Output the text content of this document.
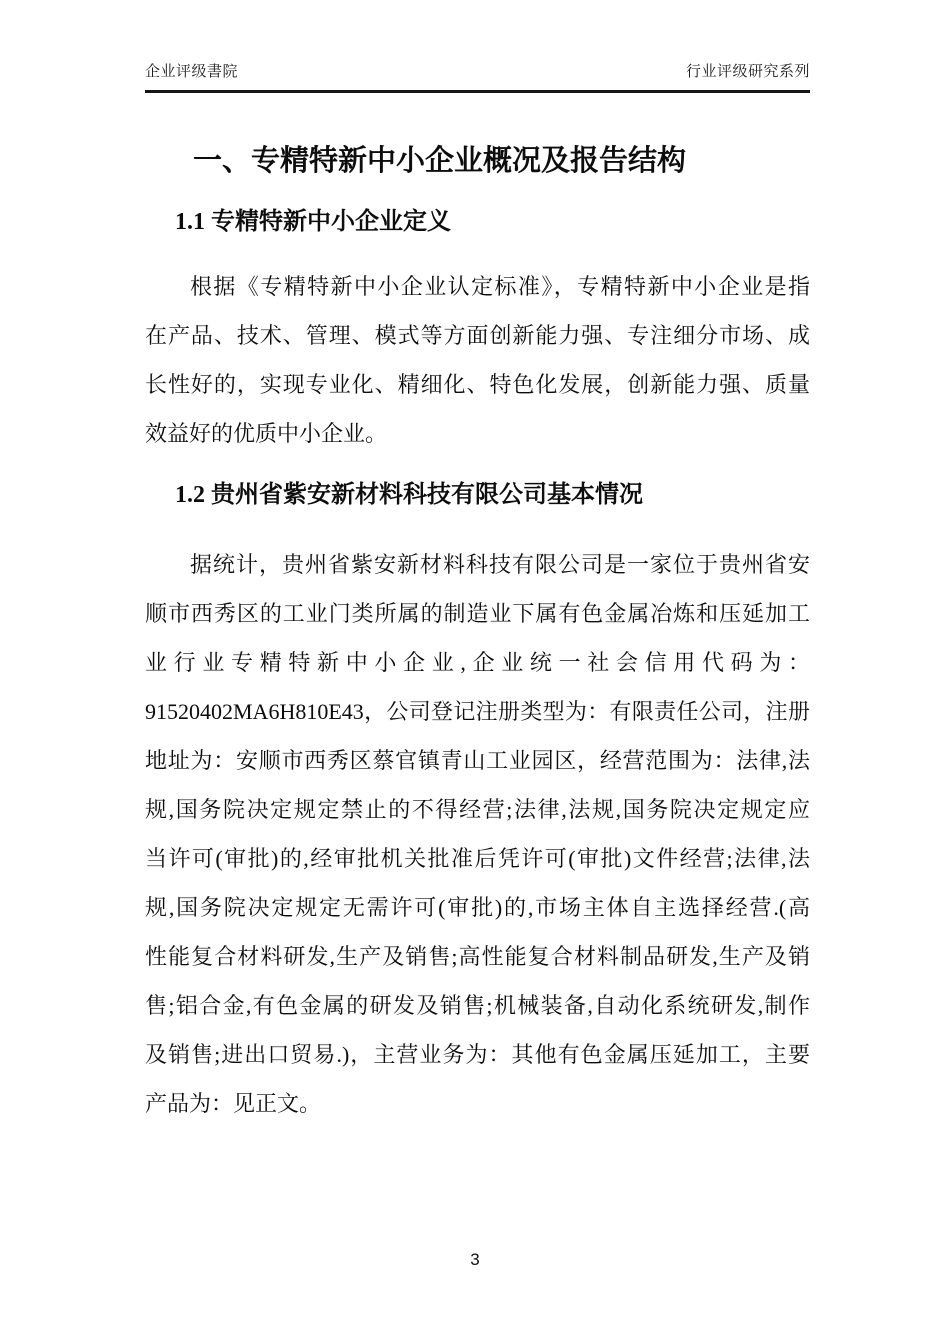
企业评级書院	行业评级研究系列
一、专精特新中小企业概况及报告结构
1.1 专精特新中小企业定义
根据《专精特新中小企业认定标准》，专精特新中小企业是指
在产品、技术、管理、模式等方面创新能力强、专注细分市场、成
长性好的，实现专业化、精细化、特色化发展，创新能力强、质量
效益好的优质中小企业。
1.2 贵州省紫安新材料科技有限公司基本情况
据统计，贵州省紫安新材料科技有限公司是一家位于贵州省安
顺市西秀区的工业门类所属的制造业下属有色金属冶炼和压延加工
业行业专精特新中小企业,企业统一社会信用代码为：
91520402MA6H810E43，公司登记注册类型为：有限责任公司，注册
地址为：安顺市西秀区蔡官镇青山工业园区，经营范围为：法律,法
规,国务院决定规定禁止的不得经营;法律,法规,国务院决定规定应
当许可(审批)的,经审批机关批准后凭许可(审批)文件经营;法律,法
规,国务院决定规定无需许可(审批)的,市场主体自主选择经营.(高
性能复合材料研发,生产及销售;高性能复合材料制品研发,生产及销
售;铝合金,有色金属的研发及销售;机械装备,自动化系统研发,制作
及销售;进出口贸易.)，主营业务为：其他有色金属压延加工，主要
产品为：见正文。
3
